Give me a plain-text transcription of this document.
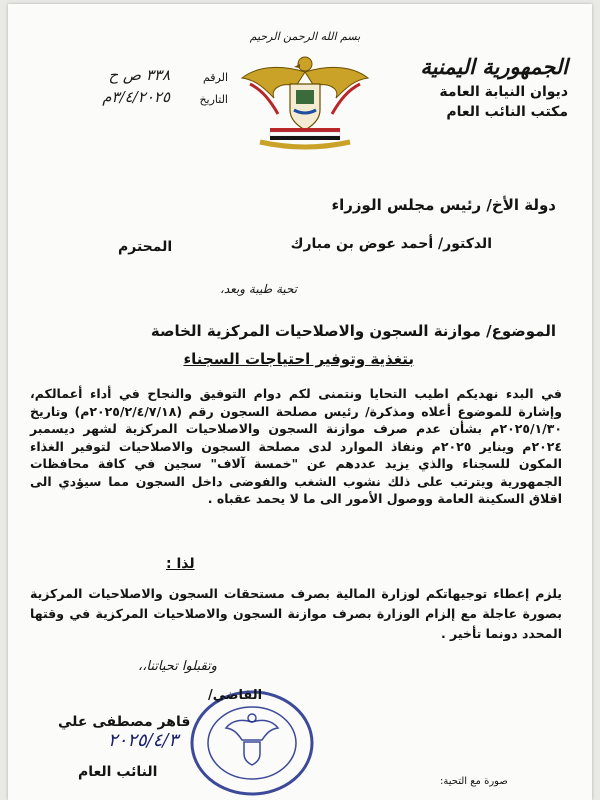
الجمهورية اليمنية
ديوان النيابة العامة
مكتب النائب العام
بسم الله الرحمن الرحيم
الرقم
٣٣٨ ص ح
التاريخ
٣/٤/٢٠٢٥م
دولة الأخ/ رئيس مجلس الوزراء
الدكتور/ أحمد عوض بن مبارك
المحترم
تحية طيبة وبعد،
الموضوع/ موازنة السجون والاصلاحيات المركزية الخاصة
بتغذية وتوفير احتياجات السجناء
في البدء نهديكم اطيب التحايا ونتمنى لكم دوام التوفيق والنجاح في أداء أعمالكم، وإشارة للموضوع أعلاه ومذكرة/ رئيس مصلحة السجون رقم (٢٠٢٥/٢/٤/٧/١٨م) وتاريخ ٢٠٢٥/١/٣٠م بشأن عدم صرف موازنة السجون والاصلاحيات المركزية لشهر ديسمبر ٢٠٢٤م ويناير ٢٠٢٥م ونفاذ الموارد لدى مصلحة السجون والاصلاحيات لتوفير الغذاء المكون للسجناء والذي يزيد عددهم عن "خمسة آلاف" سجين في كافة محافظات الجمهورية ويترتب على ذلك نشوب الشغب والفوضى داخل السجون مما سيؤدي الى اقلاق السكينة العامة ووصول الأمور الى ما لا يحمد عقباه .
لذا :
يلزم إعطاء توجيهاتكم لوزارة المالية بصرف مستحقات السجون والاصلاحيات المركزية بصورة عاجلة مع إلزام الوزارة بصرف موازنة السجون والاصلاحيات المركزية في وقتها المحدد دونما تأخير .
وتقبلوا تحياتنا،،
القاضي/
قاهر مصطفى علي
٢٠٢٥/٤/٣
النائب العام
صورة مع التحية:
